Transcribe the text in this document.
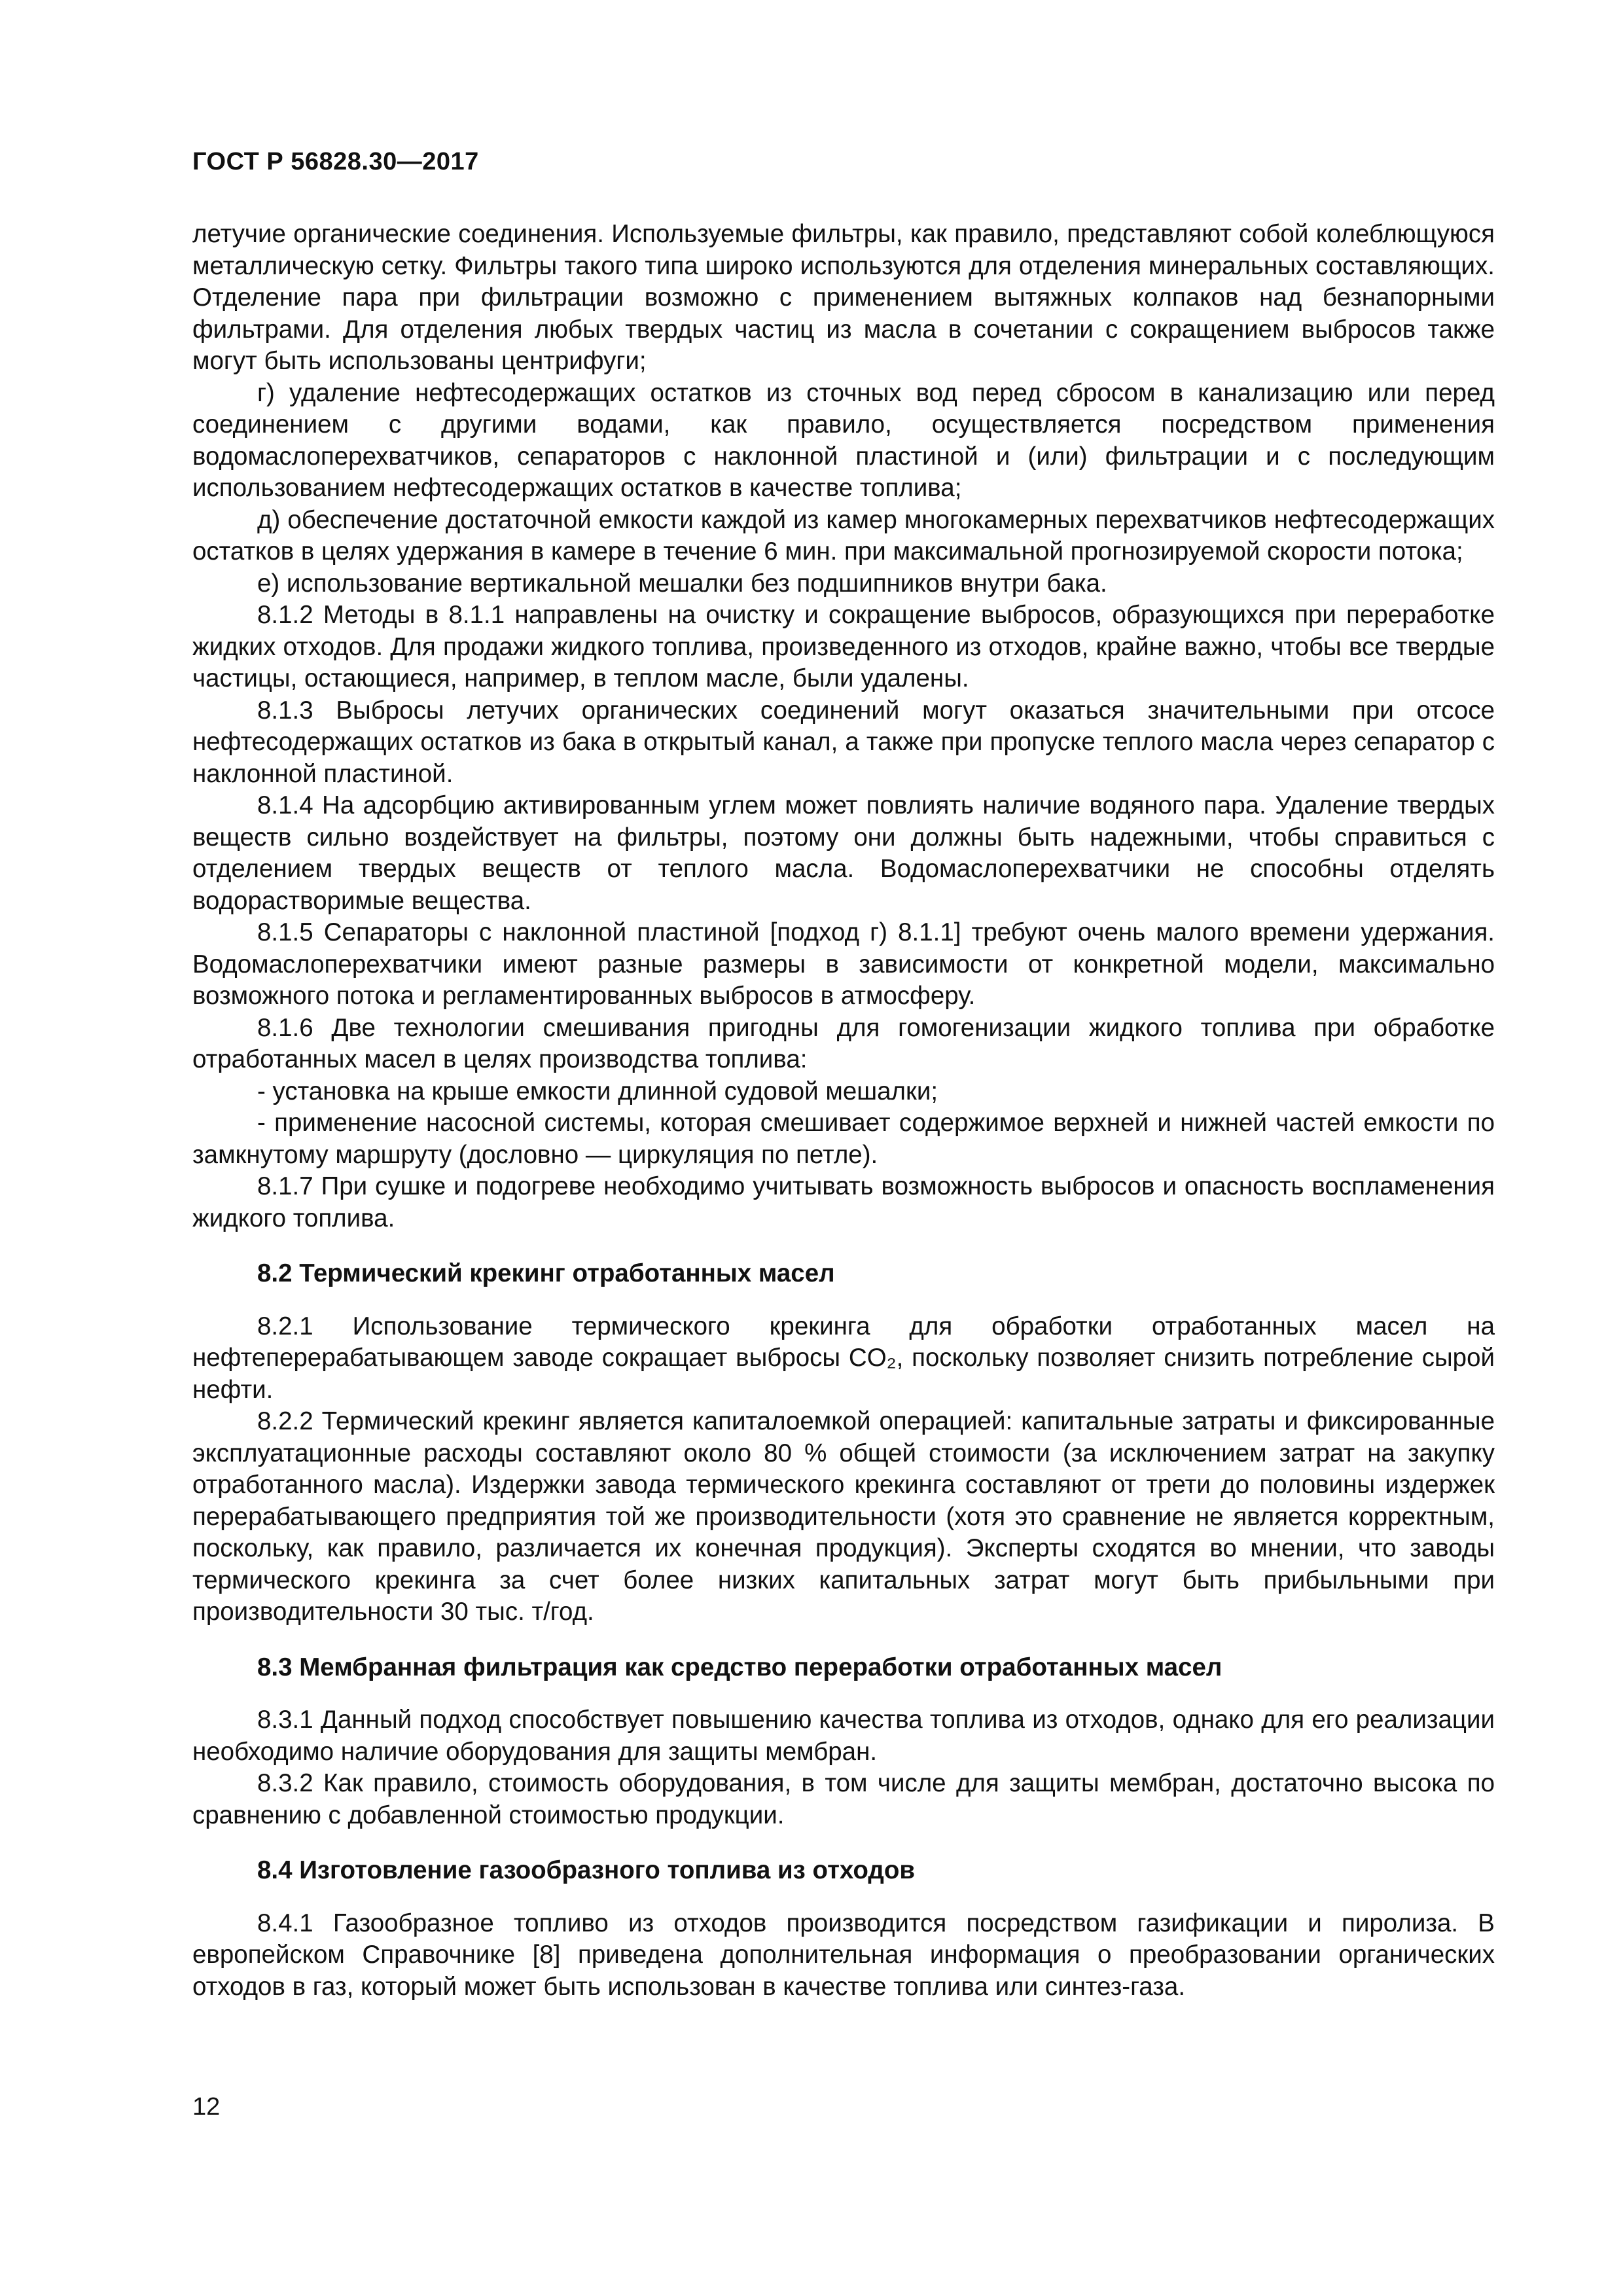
ГОСТ Р 56828.30—2017

летучие органические соединения. Используемые фильтры, как правило, представляют собой колеблющуюся металлическую сетку. Фильтры такого типа широко используются для отделения минеральных составляющих. Отделение пара при фильтрации возможно с применением вытяжных колпаков над безнапорными фильтрами. Для отделения любых твердых частиц из масла в сочетании с сокращением выбросов также могут быть использованы центрифуги;

г) удаление нефтесодержащих остатков из сточных вод перед сбросом в канализацию или перед соединением с другими водами, как правило, осуществляется посредством применения водомаслоперехватчиков, сепараторов с наклонной пластиной и (или) фильтрации и с последующим использованием нефтесодержащих остатков в качестве топлива;

д) обеспечение достаточной емкости каждой из камер многокамерных перехватчиков нефтесодержащих остатков в целях удержания в камере в течение 6 мин. при максимальной прогнозируемой скорости потока;

е) использование вертикальной мешалки без подшипников внутри бака.

8.1.2 Методы в 8.1.1 направлены на очистку и сокращение выбросов, образующихся при переработке жидких отходов. Для продажи жидкого топлива, произведенного из отходов, крайне важно, чтобы все твердые частицы, остающиеся, например, в теплом масле, были удалены.

8.1.3 Выбросы летучих органических соединений могут оказаться значительными при отсосе нефтесодержащих остатков из бака в открытый канал, а также при пропуске теплого масла через сепаратор с наклонной пластиной.

8.1.4 На адсорбцию активированным углем может повлиять наличие водяного пара. Удаление твердых веществ сильно воздействует на фильтры, поэтому они должны быть надежными, чтобы справиться с отделением твердых веществ от теплого масла. Водомаслоперехватчики не способны отделять водорастворимые вещества.

8.1.5 Сепараторы с наклонной пластиной [подход г) 8.1.1] требуют очень малого времени удержания. Водомаслоперехватчики имеют разные размеры в зависимости от конкретной модели, максимально возможного потока и регламентированных выбросов в атмосферу.

8.1.6 Две технологии смешивания пригодны для гомогенизации жидкого топлива при обработке отработанных масел в целях производства топлива:

- установка на крыше емкости длинной судовой мешалки;

- применение насосной системы, которая смешивает содержимое верхней и нижней частей емкости по замкнутому маршруту (дословно — циркуляция по петле).

8.1.7 При сушке и подогреве необходимо учитывать возможность выбросов и опасность воспламенения жидкого топлива.

8.2 Термический крекинг отработанных масел

8.2.1 Использование термического крекинга для обработки отработанных масел на нефтеперерабатывающем заводе сокращает выбросы CO₂, поскольку позволяет снизить потребление сырой нефти.

8.2.2 Термический крекинг является капиталоемкой операцией: капитальные затраты и фиксированные эксплуатационные расходы составляют около 80 % общей стоимости (за исключением затрат на закупку отработанного масла). Издержки завода термического крекинга составляют от трети до половины издержек перерабатывающего предприятия той же производительности (хотя это сравнение не является корректным, поскольку, как правило, различается их конечная продукция). Эксперты сходятся во мнении, что заводы термического крекинга за счет более низких капитальных затрат могут быть прибыльными при производительности 30 тыс. т/год.

8.3 Мембранная фильтрация как средство переработки отработанных масел

8.3.1 Данный подход способствует повышению качества топлива из отходов, однако для его реализации необходимо наличие оборудования для защиты мембран.

8.3.2 Как правило, стоимость оборудования, в том числе для защиты мембран, достаточно высока по сравнению с добавленной стоимостью продукции.

8.4 Изготовление газообразного топлива из отходов

8.4.1 Газообразное топливо из отходов производится посредством газификации и пиролиза. В европейском Справочнике [8] приведена дополнительная информация о преобразовании органических отходов в газ, который может быть использован в качестве топлива или синтез-газа.

12
